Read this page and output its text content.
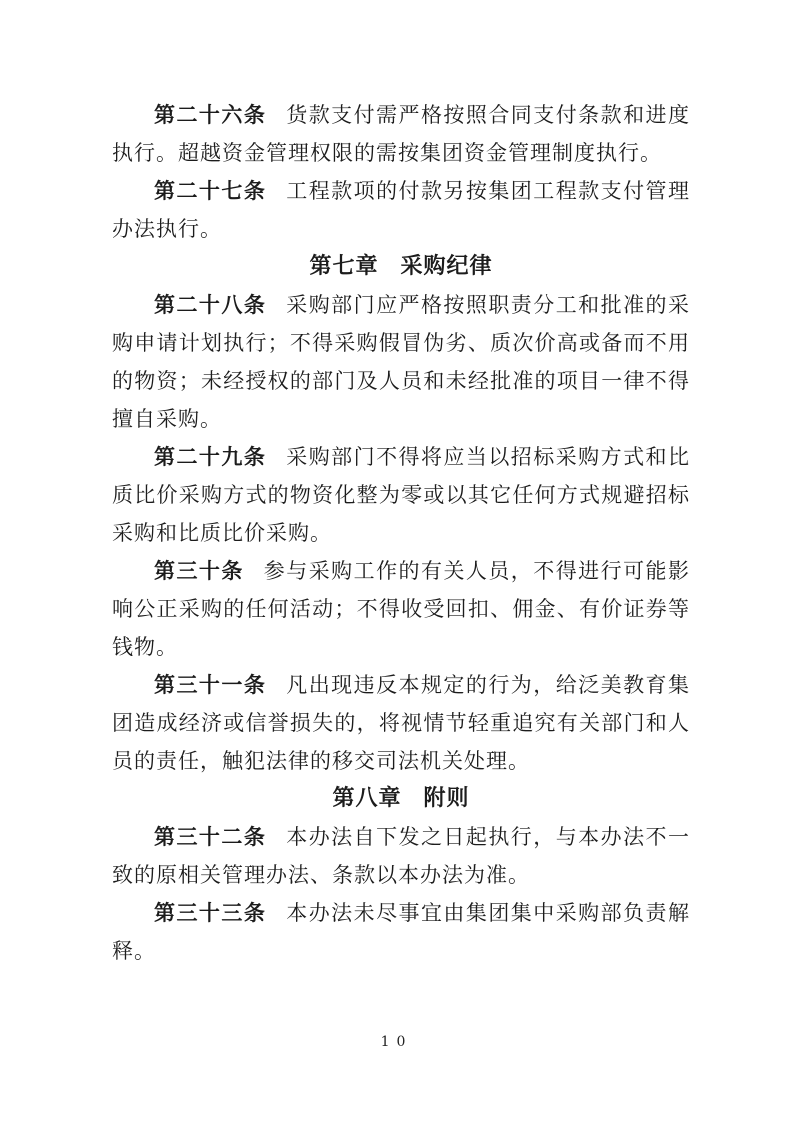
第二十六条 货款支付需严格按照合同支付条款和进度执行。超越资金管理权限的需按集团资金管理制度执行。

第二十七条 工程款项的付款另按集团工程款支付管理办法执行。

第七章 采购纪律

第二十八条 采购部门应严格按照职责分工和批准的采购申请计划执行；不得采购假冒伪劣、质次价高或备而不用的物资；未经授权的部门及人员和未经批准的项目一律不得擅自采购。

第二十九条 采购部门不得将应当以招标采购方式和比质比价采购方式的物资化整为零或以其它任何方式规避招标采购和比质比价采购。

第三十条 参与采购工作的有关人员，不得进行可能影响公正采购的任何活动；不得收受回扣、佣金、有价证券等钱物。

第三十一条 凡出现违反本规定的行为，给泛美教育集团造成经济或信誉损失的，将视情节轻重追究有关部门和人员的责任，触犯法律的移交司法机关处理。

第八章 附则

第三十二条 本办法自下发之日起执行，与本办法不一致的原相关管理办法、条款以本办法为准。

第三十三条 本办法未尽事宜由集团集中采购部负责解释。

10
